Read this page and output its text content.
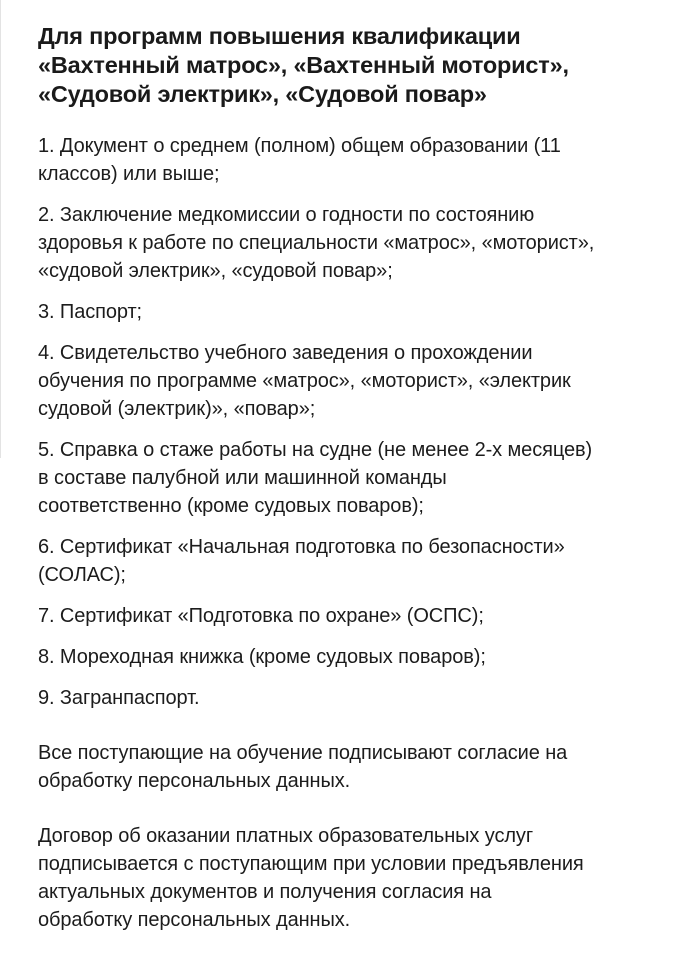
Для программ повышения квалификации
«Вахтенный матрос», «Вахтенный моторист»,
«Судовой электрик», «Судовой повар»
1. Документ о среднем (полном) общем образовании (11
классов) или выше;
2. Заключение медкомиссии о годности по состоянию
здоровья к работе по специальности «матрос», «моторист»,
«судовой электрик», «судовой повар»;
3. Паспорт;
4. Свидетельство учебного заведения о прохождении
обучения по программе «матрос», «моторист», «электрик
судовой (электрик)», «повар»;
5. Справка о стаже работы на судне (не менее 2-х месяцев)
в составе палубной или машинной команды
соответственно (кроме судовых поваров);
6. Сертификат «Начальная подготовка по безопасности»
(СОЛАС);
7. Сертификат «Подготовка по охране» (ОСПС);
8. Мореходная книжка (кроме судовых поваров);
9. Загранпаспорт.

Все поступающие на обучение подписывают согласие на
обработку персональных данных.

Договор об оказании платных образовательных услуг
подписывается с поступающим при условии предъявления
актуальных документов и получения согласия на
обработку персональных данных.
